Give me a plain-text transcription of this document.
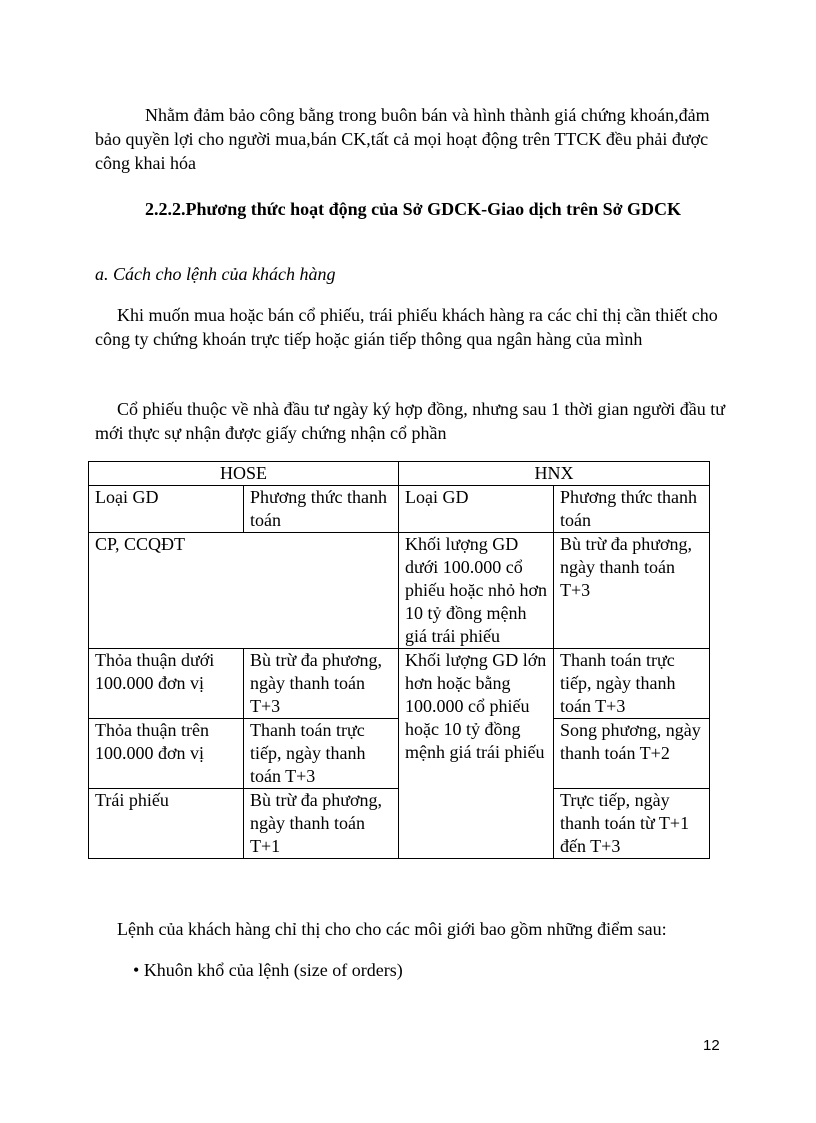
Nhằm đảm bảo công bằng trong buôn bán và hình thành giá chứng khoán,đảm bảo quyền lợi cho người mua,bán CK,tất cả mọi hoạt động trên TTCK đều phải được công khai hóa

2.2.2.Phương thức hoạt động của Sở GDCK-Giao dịch trên Sở GDCK

a. Cách cho lệnh của khách hàng

Khi muốn mua hoặc bán cổ phiếu, trái phiếu khách hàng ra các chỉ thị cần thiết cho công ty chứng khoán trực tiếp hoặc gián tiếp thông qua ngân hàng của mình

Cổ phiếu thuộc về nhà đầu tư ngày ký hợp đồng, nhưng sau 1 thời gian người đầu tư mới thực sự nhận được giấy chứng nhận cổ phần

HOSE		HNX	
Loại GD	Phương thức thanh toán	Loại GD	Phương thức thanh toán
CP, CCQĐT		Khối lượng GD dưới 100.000 cổ phiếu hoặc nhỏ hơn 10 tỷ đồng mệnh giá trái phiếu	Bù trừ đa phương, ngày thanh toán T+3
Thỏa thuận dưới 100.000 đơn vị	Bù trừ đa phương, ngày thanh toán T+3	Khối lượng GD lớn hơn hoặc bằng 100.000 cổ phiếu hoặc 10 tỷ đồng mệnh giá trái phiếu	Thanh toán trực tiếp, ngày thanh toán T+3
Thỏa thuận trên 100.000 đơn vị	Thanh toán trực tiếp, ngày thanh toán T+3		Song phương, ngày thanh toán T+2
Trái phiếu	Bù trừ đa phương, ngày thanh toán T+1		Trực tiếp, ngày thanh toán từ T+1 đến T+3

Lệnh của khách hàng chỉ thị cho cho các môi giới bao gồm những điểm sau:

• Khuôn khổ của lệnh (size of orders)
12
